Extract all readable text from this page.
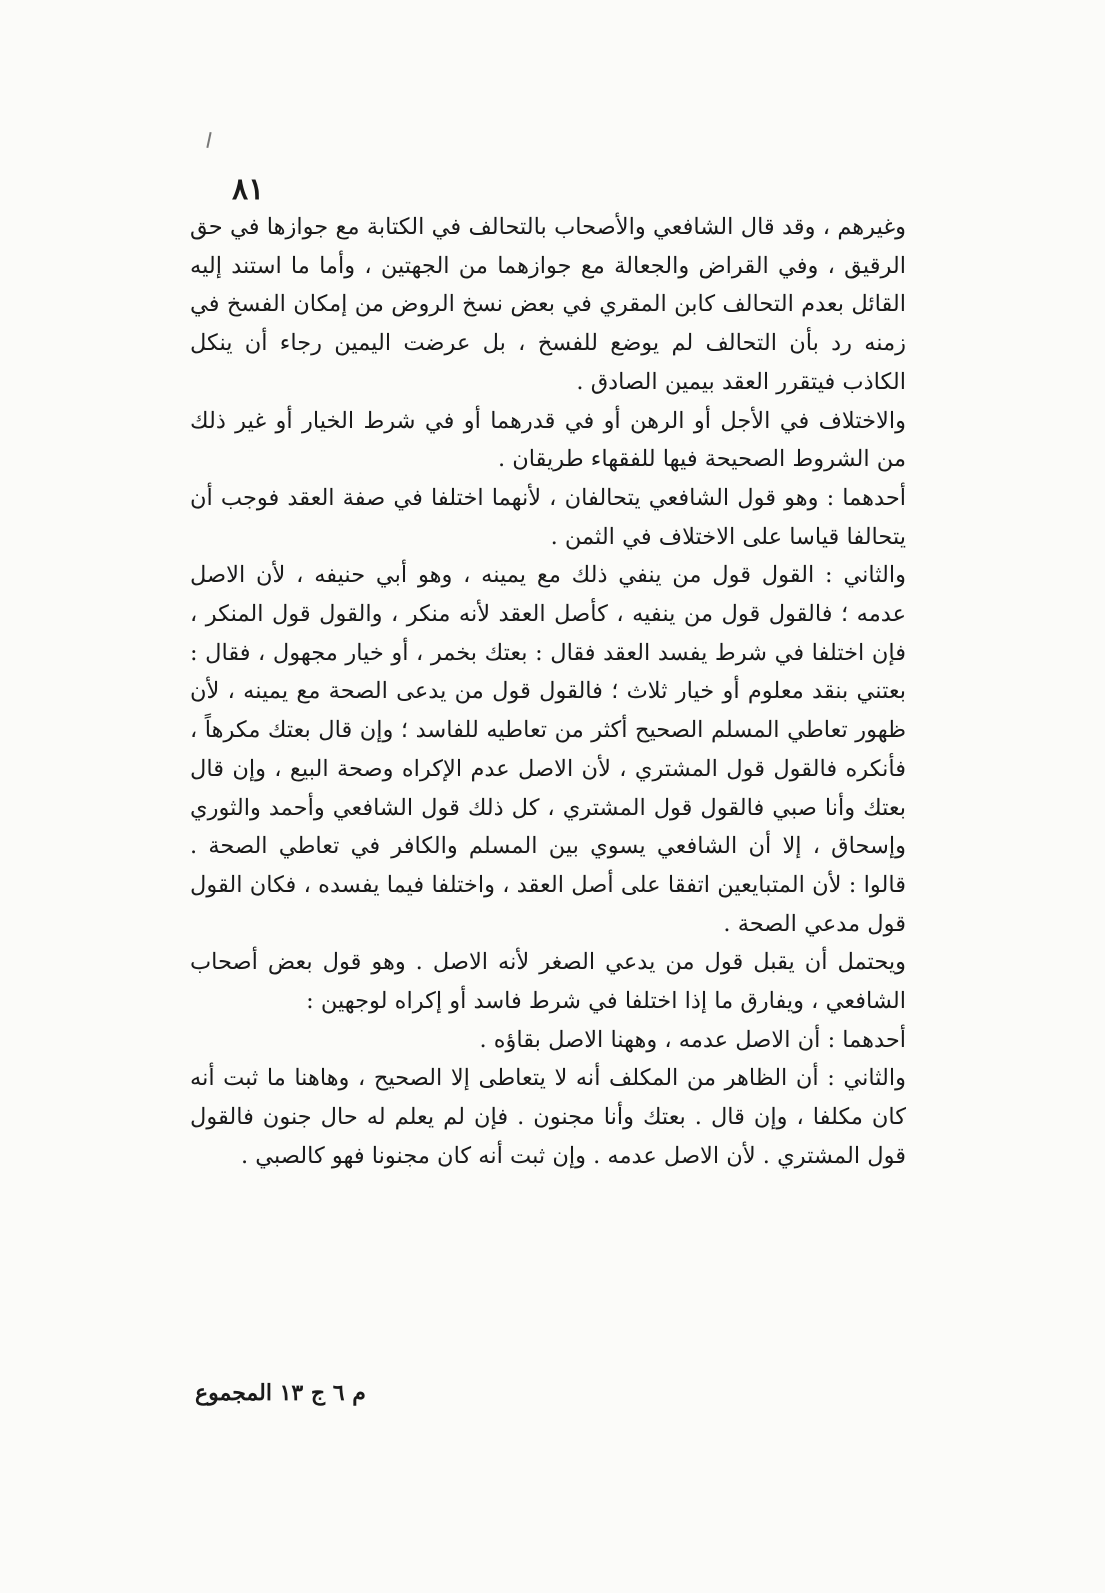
٨١

وغيرهم ، وقد قال الشافعي والأصحاب بالتحالف في الكتابة مع جوازها في حق الرقيق ، وفي القراض والجعالة مع جوازهما من الجهتين ، وأما ما استند إليه القائل بعدم التحالف كابن المقري في بعض نسخ الروض من إمكان الفسخ في زمنه رد بأن التحالف لم يوضع للفسخ ، بل عرضت اليمين رجاء أن ينكل الكاذب فيتقرر العقد بيمين الصادق .

والاختلاف في الأجل أو الرهن أو في قدرهما أو في شرط الخيار أو غير ذلك من الشروط الصحيحة فيها للفقهاء طريقان .

أحدهما : وهو قول الشافعي يتحالفان ، لأنهما اختلفا في صفة العقد فوجب أن يتحالفا قياسا على الاختلاف في الثمن .

والثاني : القول قول من ينفي ذلك مع يمينه ، وهو أبي حنيفه ، لأن الاصل عدمه ؛ فالقول قول من ينفيه ، كأصل العقد لأنه منكر ، والقول قول المنكر ، فإن اختلفا في شرط يفسد العقد فقال : بعتك بخمر ، أو خيار مجهول ، فقال : بعتني بنقد معلوم أو خيار ثلاث ؛ فالقول قول من يدعى الصحة مع يمينه ، لأن ظهور تعاطي المسلم الصحيح أكثر من تعاطيه للفاسد ؛ وإن قال بعتك مكرهاً ، فأنكره فالقول قول المشتري ، لأن الاصل عدم الإكراه وصحة البيع ، وإن قال بعتك وأنا صبي فالقول قول المشتري ، كل ذلك قول الشافعي وأحمد والثوري وإسحاق ، إلا أن الشافعي يسوي بين المسلم والكافر في تعاطي الصحة . قالوا : لأن المتبايعين اتفقا على أصل العقد ، واختلفا فيما يفسده ، فكان القول قول مدعي الصحة .

ويحتمل أن يقبل قول من يدعي الصغر لأنه الاصل . وهو قول بعض أصحاب الشافعي ، ويفارق ما إذا اختلفا في شرط فاسد أو إكراه لوجهين :

أحدهما : أن الاصل عدمه ، وههنا الاصل بقاؤه .

والثاني : أن الظاهر من المكلف أنه لا يتعاطى إلا الصحيح ، وهاهنا ما ثبت أنه كان مكلفا ، وإن قال . بعتك وأنا مجنون . فإن لم يعلم له حال جنون فالقول قول المشتري . لأن الاصل عدمه . وإن ثبت أنه كان مجنونا فهو كالصبي .

م ٦ ج ١٣ المجموع
